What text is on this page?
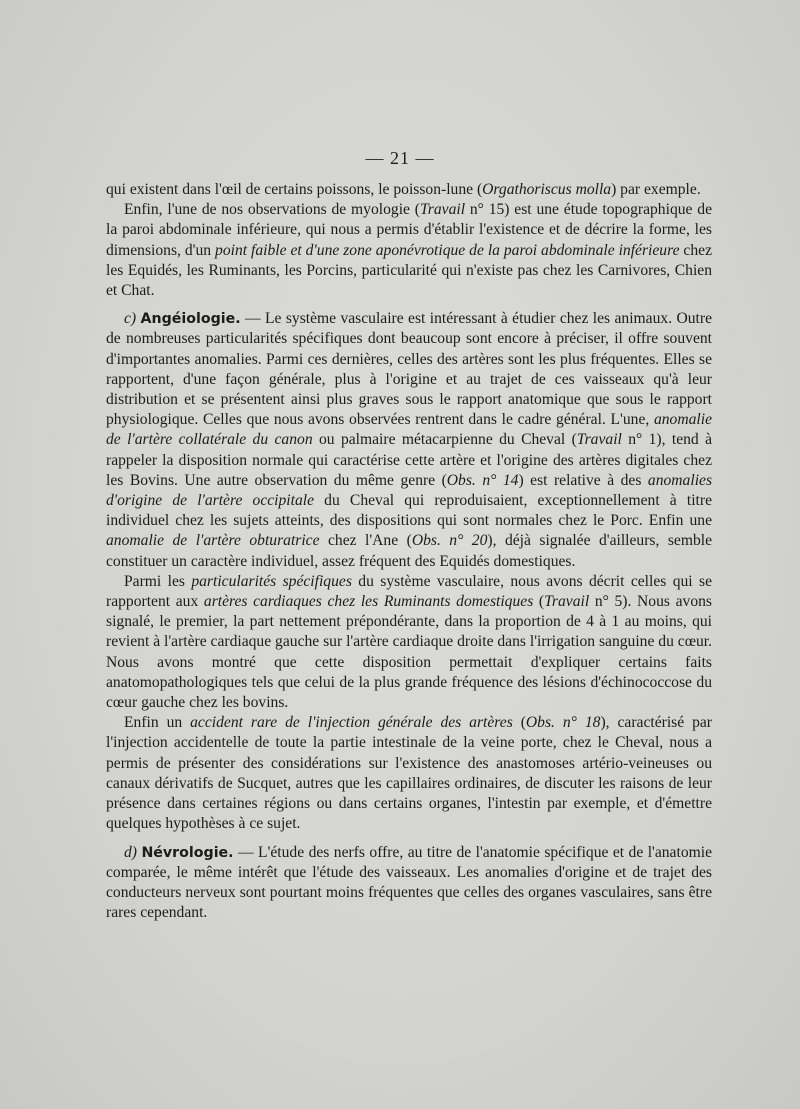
— 21 —

qui existent dans l'œil de certains poissons, le poisson-lune (Orgathoriscus molla) par exemple.

Enfin, l'une de nos observations de myologie (Travail n° 15) est une étude topographique de la paroi abdominale inférieure, qui nous a permis d'établir l'existence et de décrire la forme, les dimensions, d'un point faible et d'une zone aponévrotique de la paroi abdominale inférieure chez les Equidés, les Ruminants, les Porcins, particularité qui n'existe pas chez les Carnivores, Chien et Chat.

c) Angéiologie. — Le système vasculaire est intéressant à étudier chez les animaux. Outre de nombreuses particularités spécifiques dont beaucoup sont encore à préciser, il offre souvent d'importantes anomalies. Parmi ces dernières, celles des artères sont les plus fréquentes. Elles se rapportent, d'une façon générale, plus à l'origine et au trajet de ces vaisseaux qu'à leur distribution et se présentent ainsi plus graves sous le rapport anatomique que sous le rapport physiologique. Celles que nous avons observées rentrent dans le cadre général. L'une, anomalie de l'artère collatérale du canon ou palmaire métacarpienne du Cheval (Travail n° 1), tend à rappeler la disposition normale qui caractérise cette artère et l'origine des artères digitales chez les Bovins. Une autre observation du même genre (Obs. n° 14) est relative à des anomalies d'origine de l'artère occipitale du Cheval qui reproduisaient, exceptionnellement à titre individuel chez les sujets atteints, des dispositions qui sont normales chez le Porc. Enfin une anomalie de l'artère obturatrice chez l'Ane (Obs. n° 20), déjà signalée d'ailleurs, semble constituer un caractère individuel, assez fréquent des Equidés domestiques.

Parmi les particularités spécifiques du système vasculaire, nous avons décrit celles qui se rapportent aux artères cardiaques chez les Ruminants domestiques (Travail n° 5). Nous avons signalé, le premier, la part nettement prépondérante, dans la proportion de 4 à 1 au moins, qui revient à l'artère cardiaque gauche sur l'artère cardiaque droite dans l'irrigation sanguine du cœur. Nous avons montré que cette disposition permettait d'expliquer certains faits anatomopathologiques tels que celui de la plus grande fréquence des lésions d'échinococcose du cœur gauche chez les bovins.

Enfin un accident rare de l'injection générale des artères (Obs. n° 18), caractérisé par l'injection accidentelle de toute la partie intestinale de la veine porte, chez le Cheval, nous a permis de présenter des considérations sur l'existence des anastomoses artério-veineuses ou canaux dérivatifs de Sucquet, autres que les capillaires ordinaires, de discuter les raisons de leur présence dans certaines régions ou dans certains organes, l'intestin par exemple, et d'émettre quelques hypothèses à ce sujet.

d) Névrologie. — L'étude des nerfs offre, au titre de l'anatomie spécifique et de l'anatomie comparée, le même intérêt que l'étude des vaisseaux. Les anomalies d'origine et de trajet des conducteurs nerveux sont pourtant moins fréquentes que celles des organes vasculaires, sans être rares cependant.
